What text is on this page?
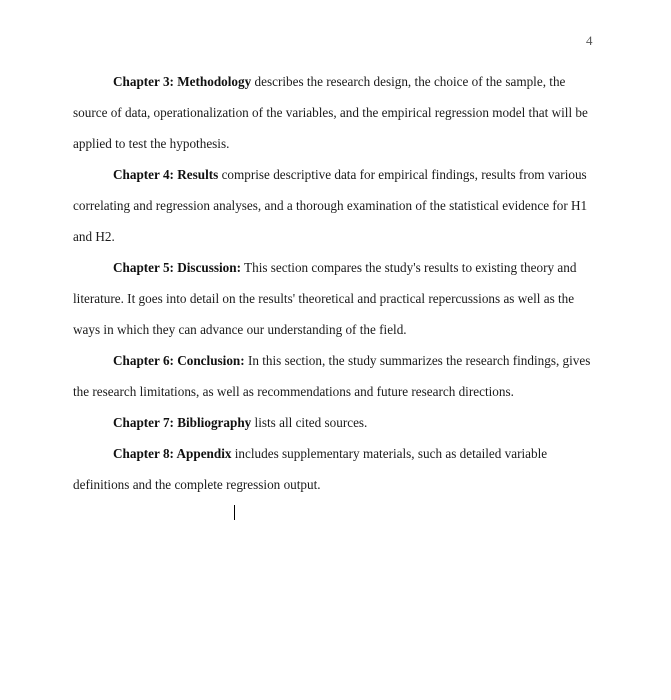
4

Chapter 3: Methodology describes the research design, the choice of the sample, the source of data, operationalization of the variables, and the empirical regression model that will be applied to test the hypothesis.

Chapter 4: Results comprise descriptive data for empirical findings, results from various correlating and regression analyses, and a thorough examination of the statistical evidence for H1 and H2.

Chapter 5: Discussion: This section compares the study's results to existing theory and literature. It goes into detail on the results' theoretical and practical repercussions as well as the ways in which they can advance our understanding of the field.

Chapter 6: Conclusion: In this section, the study summarizes the research findings, gives the research limitations, as well as recommendations and future research directions.

Chapter 7: Bibliography lists all cited sources.

Chapter 8: Appendix includes supplementary materials, such as detailed variable definitions and the complete regression output.
